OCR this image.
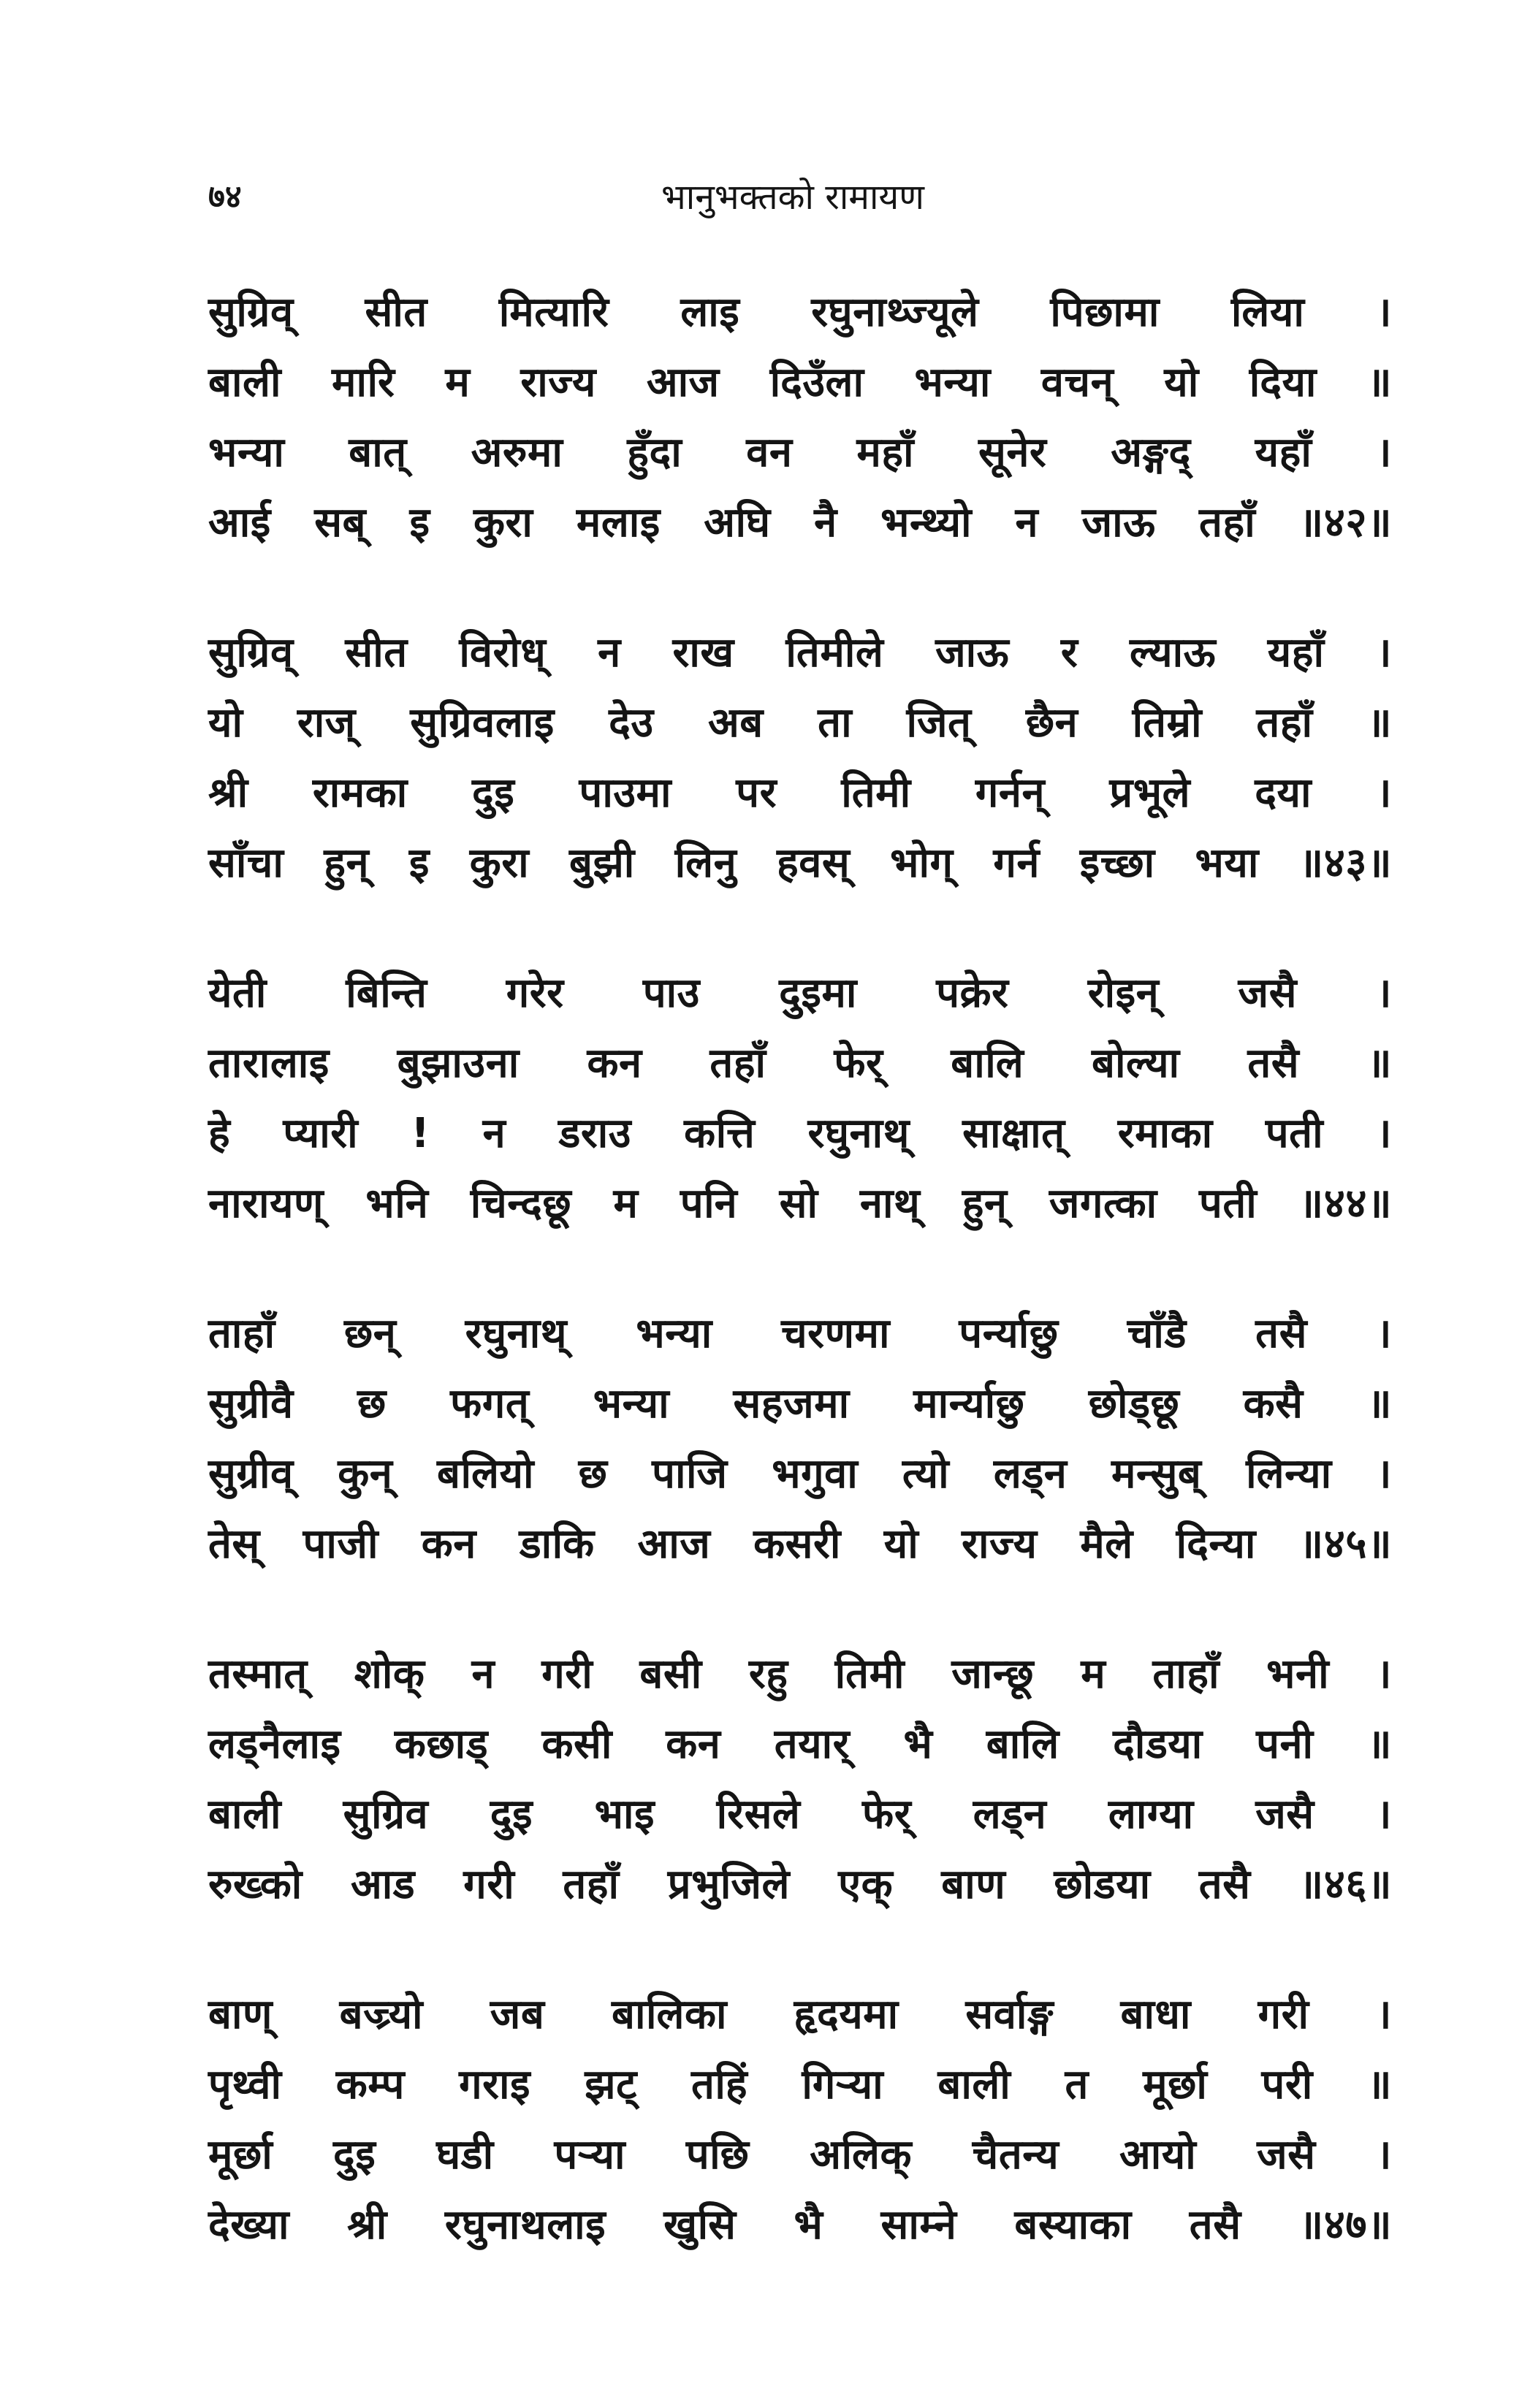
७४	भानुभक्तको रामायण
सुग्रिव् सीत मित्यारि लाइ रघुनाथ्ज्यूले पिछामा लिया ।
बाली मारि म राज्य आज दिउँला भन्या वचन् यो दिया ॥
भन्या बात् अरुमा हुँदा वन महाँ सूनेर अङ्गद् यहाँ ।
आई सब् इ कुरा मलाइ अघि नै भन्थ्यो न जाऊ तहाँ ॥४२॥
सुग्रिव् सीत विरोध् न राख तिमीले जाऊ र ल्याऊ यहाँ ।
यो राज् सुग्रिवलाइ देउ अब ता जित् छैन तिम्रो तहाँ ॥
श्री रामका दुइ पाउमा पर तिमी गर्नन् प्रभूले दया ।
साँचा हुन् इ कुरा बुझी लिनु हवस् भोग् गर्न इच्छा भया ॥४३॥
येती बिन्ति गरेर पाउ दुइमा पक्रेर रोइन् जसै ।
तारालाइ बुझाउना कन तहाँ फेर् बालि बोल्या तसै ॥
हे प्यारी ! न डराउ कत्ति रघुनाथ् साक्षात् रमाका पती ।
नारायण् भनि चिन्दछू म पनि सो नाथ् हुन् जगत्का पती ॥४४॥
ताहाँ छन् रघुनाथ् भन्या चरणमा पर्न्याछु चाँडै तसै ।
सुग्रीवै छ फगत् भन्या सहजमा मार्न्याछु छोड्छू कसै ॥
सुग्रीव् कुन् बलियो छ पाजि भगुवा त्यो लड्न मन्सुब् लिन्या ।
तेस् पाजी कन डाकि आज कसरी यो राज्य मैले दिन्या ॥४५॥
तस्मात् शोक् न गरी बसी रहु तिमी जान्छू म ताहाँ भनी ।
लड्नैलाइ कछाड् कसी कन तयार् भै बालि दौडया पनी ॥
बाली सुग्रिव दुइ भाइ रिसले फेर् लड्न लाग्या जसै ।
रुख्को आड गरी तहाँ प्रभुजिले एक् बाण छोडया तसै ॥४६॥
बाण् बज्र्यो जब बालिका हृदयमा सर्वाङ्ग बाधा गरी ।
पृथ्वी कम्प गराइ झट् तहिं गिऱ्या बाली त मूर्छा परी ॥
मूर्छा दुइ घडी पऱ्या पछि अलिक् चैतन्य आयो जसै ।
देख्या श्री रघुनाथलाइ खुसि भै साम्ने बस्याका तसै ॥४७॥
